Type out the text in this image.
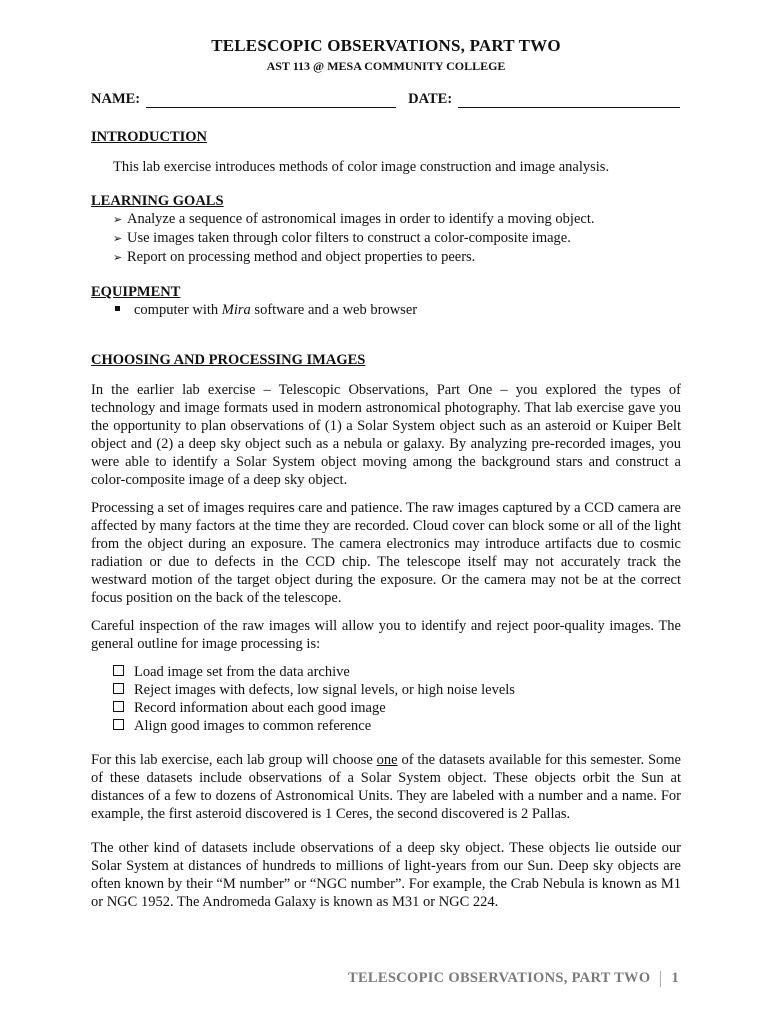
TELESCOPIC OBSERVATIONS, PART TWO
AST 113 @ MESA COMMUNITY COLLEGE
NAME:	DATE:
INTRODUCTION

This lab exercise introduces methods of color image construction and image analysis.

LEARNING GOALS
➢ Analyze a sequence of astronomical images in order to identify a moving object.
➢ Use images taken through color filters to construct a color-composite image.
➢ Report on processing method and object properties to peers.
EQUIPMENT
computer with Mira software and a web browser
CHOOSING AND PROCESSING IMAGES

In the earlier lab exercise – Telescopic Observations, Part One – you explored the types of technology and image formats used in modern astronomical photography. That lab exercise gave you the opportunity to plan observations of (1) a Solar System object such as an asteroid or Kuiper Belt object and (2) a deep sky object such as a nebula or galaxy. By analyzing pre-recorded images, you were able to identify a Solar System object moving among the background stars and construct a color-composite image of a deep sky object.

Processing a set of images requires care and patience. The raw images captured by a CCD camera are affected by many factors at the time they are recorded. Cloud cover can block some or all of the light from the object during an exposure. The camera electronics may introduce artifacts due to cosmic radiation or due to defects in the CCD chip. The telescope itself may not accurately track the westward motion of the target object during the exposure. Or the camera may not be at the correct focus position on the back of the telescope.

Careful inspection of the raw images will allow you to identify and reject poor-quality images. The general outline for image processing is:

Load image set from the data archive
Reject images with defects, low signal levels, or high noise levels
Record information about each good image
Align good images to common reference

For this lab exercise, each lab group will choose one of the datasets available for this semester. Some of these datasets include observations of a Solar System object. These objects orbit the Sun at distances of a few to dozens of Astronomical Units. They are labeled with a number and a name. For example, the first asteroid discovered is 1 Ceres, the second discovered is 2 Pallas.

The other kind of datasets include observations of a deep sky object. These objects lie outside our Solar System at distances of hundreds to millions of light-years from our Sun. Deep sky objects are often known by their “M number” or “NGC number”. For example, the Crab Nebula is known as M1 or NGC 1952. The Andromeda Galaxy is known as M31 or NGC 224.

TELESCOPIC OBSERVATIONS, PART TWO 1
